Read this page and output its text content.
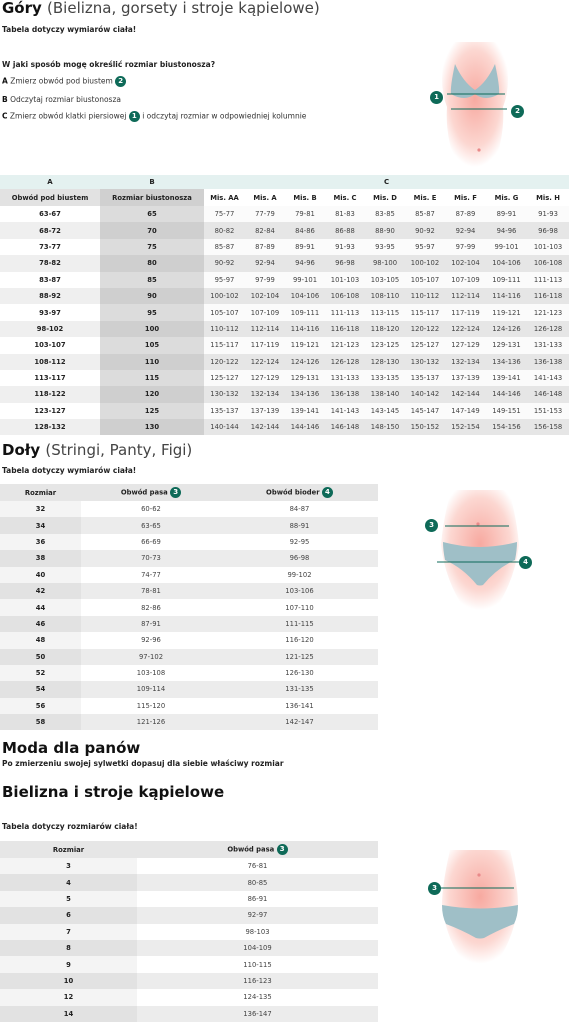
Góry (Bielizna, gorsety i stroje kąpielowe)
Tabela dotyczy wymiarów ciała!
W jaki sposób mogę określić rozmiar biustonosza?
A Zmierz obwód pod biustem 2
B Odczytaj rozmiar biustonosza
C Zmierz obwód klatki piersiowej 1 i odczytaj rozmiar w odpowiedniej kolumnie
1
2
A	B	C								
Obwód pod biustem	Rozmiar biustonosza	Mis. AA	Mis. A	Mis. B	Mis. C	Mis. D	Mis. E	Mis. F	Mis. G	Mis. H
63-67	65	75-77	77-79	79-81	81-83	83-85	85-87	87-89	89-91	91-93
68-72	70	80-82	82-84	84-86	86-88	88-90	90-92	92-94	94-96	96-98
73-77	75	85-87	87-89	89-91	91-93	93-95	95-97	97-99	99-101	101-103
78-82	80	90-92	92-94	94-96	96-98	98-100	100-102	102-104	104-106	106-108
83-87	85	95-97	97-99	99-101	101-103	103-105	105-107	107-109	109-111	111-113
88-92	90	100-102	102-104	104-106	106-108	108-110	110-112	112-114	114-116	116-118
93-97	95	105-107	107-109	109-111	111-113	113-115	115-117	117-119	119-121	121-123
98-102	100	110-112	112-114	114-116	116-118	118-120	120-122	122-124	124-126	126-128
103-107	105	115-117	117-119	119-121	121-123	123-125	125-127	127-129	129-131	131-133
108-112	110	120-122	122-124	124-126	126-128	128-130	130-132	132-134	134-136	136-138
113-117	115	125-127	127-129	129-131	131-133	133-135	135-137	137-139	139-141	141-143
118-122	120	130-132	132-134	134-136	136-138	138-140	140-142	142-144	144-146	146-148
123-127	125	135-137	137-139	139-141	141-143	143-145	145-147	147-149	149-151	151-153
128-132	130	140-144	142-144	144-146	146-148	148-150	150-152	152-154	154-156	156-158
Doły (Stringi, Panty, Figi)
Tabela dotyczy wymiarów ciała!
Rozmiar	Obwód pasa 3	Obwód bioder 4
32	60-62	84-87
34	63-65	88-91
36	66-69	92-95
38	70-73	96-98
40	74-77	99-102
42	78-81	103-106
44	82-86	107-110
46	87-91	111-115
48	92-96	116-120
50	97-102	121-125
52	103-108	126-130
54	109-114	131-135
56	115-120	136-141
58	121-126	142-147
3
4
Moda dla panów
Po zmierzeniu swojej sylwetki dopasuj dla siebie właściwy rozmiar
Bielizna i stroje kąpielowe
Tabela dotyczy rozmiarów ciała!
Rozmiar	Obwód pasa 3
3	76-81
4	80-85
5	86-91
6	92-97
7	98-103
8	104-109
9	110-115
10	116-123
12	124-135
14	136-147
3
